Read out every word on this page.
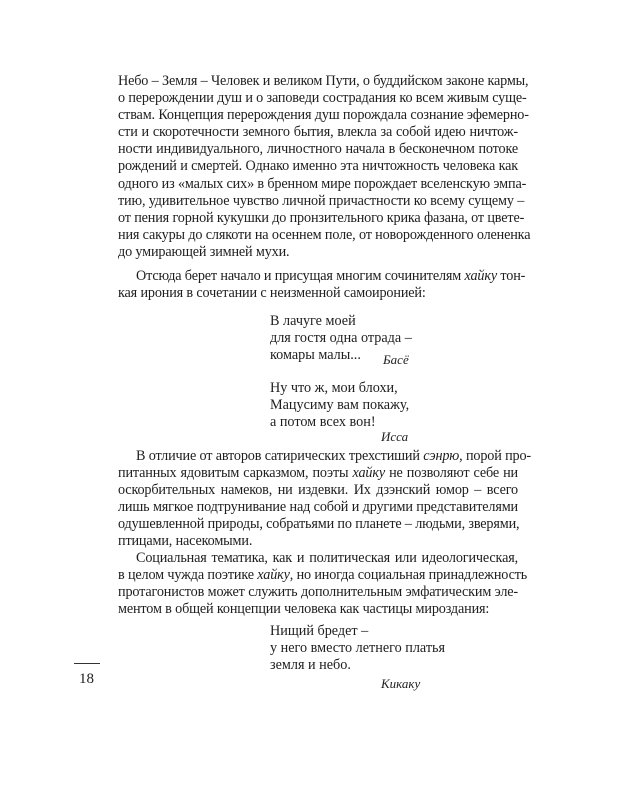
Небо – Земля – Человек и великом Пути, о буддийском законе кармы,
о перерождении душ и о заповеди сострадания ко всем живым суще-
ствам. Концепция перерождения душ порождала сознание эфемерно-
сти и скоротечности земного бытия, влекла за собой идею ничтож-
ности индивидуального, личностного начала в бесконечном потоке
рождений и смертей. Однако именно эта ничтожность человека как
одного из «малых сих» в бренном мире порождает вселенскую эмпа-
тию, удивительное чувство личной причастности ко всему сущему –
от пения горной кукушки до пронзительного крика фазана, от цвете-
ния сакуры до слякоти на осеннем поле, от новорожденного олененка
до умирающей зимней мухи.

Отсюда берет начало и присущая многим сочинителям хайку тон-
кая ирония в сочетании с неизменной самоиронией:

В лачуге моей
для гостя одна отрада –
комары малы...	Басё
Ну что ж, мои блохи,
Мацусиму вам покажу,
а потом всех вон!
Исса

В отличие от авторов сатирических трехстиший сэнрю, порой про-
питанных ядовитым сарказмом, поэты хайку не позволяют себе ни
оскорбительных намеков, ни издевки. Их дзэнский юмор – всего
лишь мягкое подтрунивание над собой и другими представителями
одушевленной природы, собратьями по планете – людьми, зверями,
птицами, насекомыми.

Социальная тематика, как и политическая или идеологическая,
в целом чужда поэтике хайку, но иногда социальная принадлежность
протагонистов может служить дополнительным эмфатическим эле-
ментом в общей концепции человека как частицы мироздания:

Нищий бредет –
у него вместо летнего платья
земля и небо.
Кикаку
18
